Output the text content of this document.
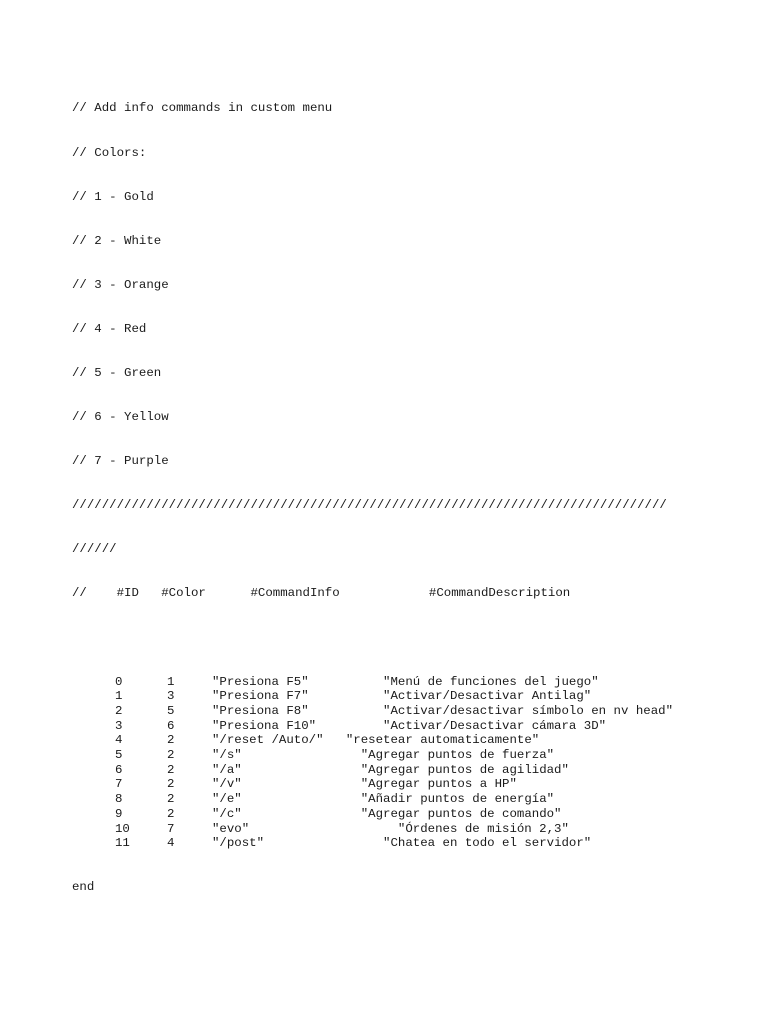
// Add info commands in custom menu

// Colors:

// 1 - Gold

// 2 - White

// 3 - Orange

// 4 - Red

// 5 - Green

// 6 - Yellow

// 7 - Purple

////////////////////////////////////////////////////////////////////////////////

//////

//    #ID   #Color      #CommandInfo            #CommandDescription

0	1	"Presiona F5"	"Menú de funciones del juego"
1	3	"Presiona F7"	"Activar/Desactivar Antilag"
2	5	"Presiona F8"	"Activar/desactivar símbolo en nv head"
3	6	"Presiona F10"	"Activar/Desactivar cámara 3D"
4	2	"/reset /Auto/" "resetear automaticamente"
5	2	"/s"	"Agregar puntos de fuerza"
6	2	"/a"	"Agregar puntos de agilidad"
7	2	"/v"	"Agregar puntos a HP"
8	2	"/e"	"Añadir puntos de energía"
9	2	"/c"	"Agregar puntos de comando"
10	7	"evo"	"Órdenes de misión 2,3"
11	4	"/post"	"Chatea en todo el servidor"

end
